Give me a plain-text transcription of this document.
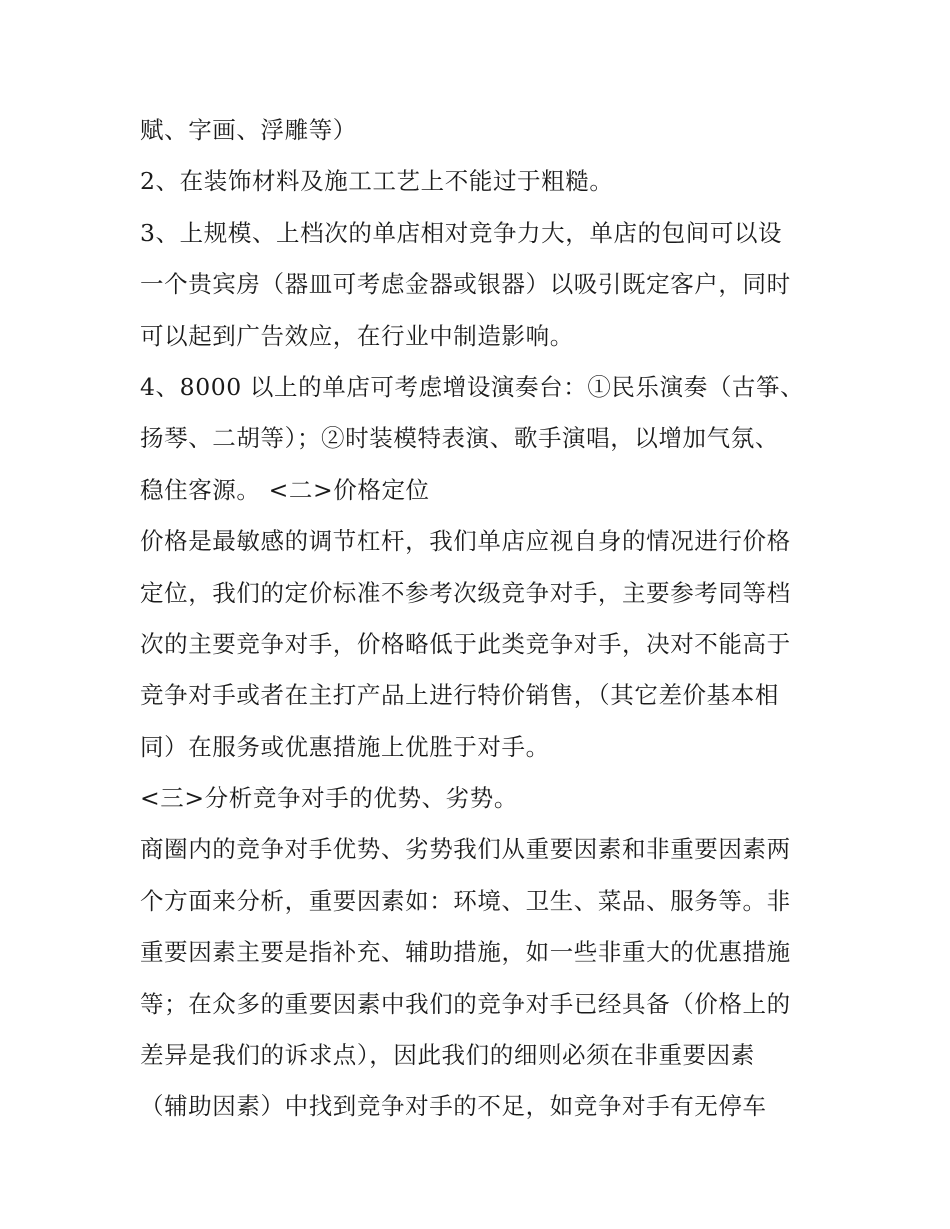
赋、字画、浮雕等）
2、在装饰材料及施工工艺上不能过于粗糙。
3、上规模、上档次的单店相对竞争力大，单店的包间可以设
一个贵宾房（器皿可考虑金器或银器）以吸引既定客户，同时
可以起到广告效应，在行业中制造影响。
4、8000 以上的单店可考虑增设演奏台：①民乐演奏（古筝、
扬琴、二胡等）；②时装模特表演、歌手演唱，以增加气氛、
稳住客源。 <二>价格定位
价格是最敏感的调节杠杆，我们单店应视自身的情况进行价格
定位，我们的定价标准不参考次级竞争对手，主要参考同等档
次的主要竞争对手，价格略低于此类竞争对手，决对不能高于
竞争对手或者在主打产品上进行特价销售，（其它差价基本相
同）在服务或优惠措施上优胜于对手。
<三>分析竞争对手的优势、劣势。
商圈内的竞争对手优势、劣势我们从重要因素和非重要因素两
个方面来分析，重要因素如：环境、卫生、菜品、服务等。非
重要因素主要是指补充、辅助措施，如一些非重大的优惠措施
等；在众多的重要因素中我们的竞争对手已经具备（价格上的
差异是我们的诉求点），因此我们的细则必须在非重要因素
（辅助因素）中找到竞争对手的不足，如竞争对手有无停车
